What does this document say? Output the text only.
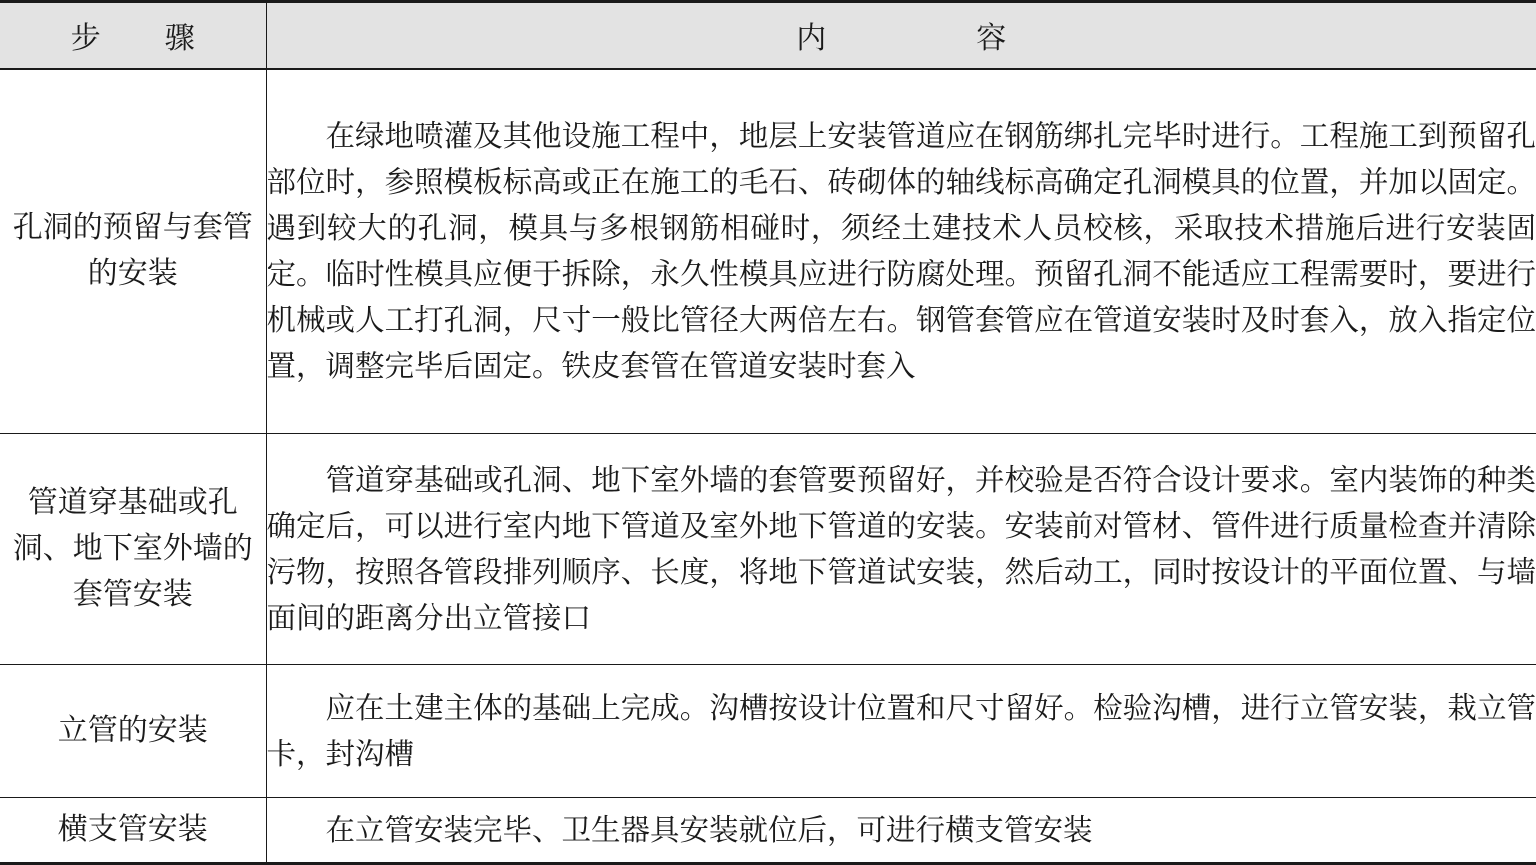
步骤	内容
孔洞的预留与套管的安装	在绿地喷灌及其他设施工程中，地层上安装管道应在钢筋绑扎完毕时进行。工程施工到预留孔部位时，参照模板标高或正在施工的毛石、砖砌体的轴线标高确定孔洞模具的位置，并加以固定。遇到较大的孔洞，模具与多根钢筋相碰时，须经土建技术人员校核，采取技术措施后进行安装固定。临时性模具应便于拆除，永久性模具应进行防腐处理。预留孔洞不能适应工程需要时，要进行机械或人工打孔洞，尺寸一般比管径大两倍左右。钢管套管应在管道安装时及时套入，放入指定位置，调整完毕后固定。铁皮套管在管道安装时套入

管道穿基础或孔洞、地下室外墙的套管安装	管道穿基础或孔洞、地下室外墙的套管要预留好，并校验是否符合设计要求。室内装饰的种类确定后，可以进行室内地下管道及室外地下管道的安装。安装前对管材、管件进行质量检查并清除污物，按照各管段排列顺序、长度，将地下管道试安装，然后动工，同时按设计的平面位置、与墙面间的距离分出立管接口

立管的安装	应在土建主体的基础上完成。沟槽按设计位置和尺寸留好。检验沟槽，进行立管安装，栽立管卡，封沟槽

横支管安装	在立管安装完毕、卫生器具安装就位后，可进行横支管安装
